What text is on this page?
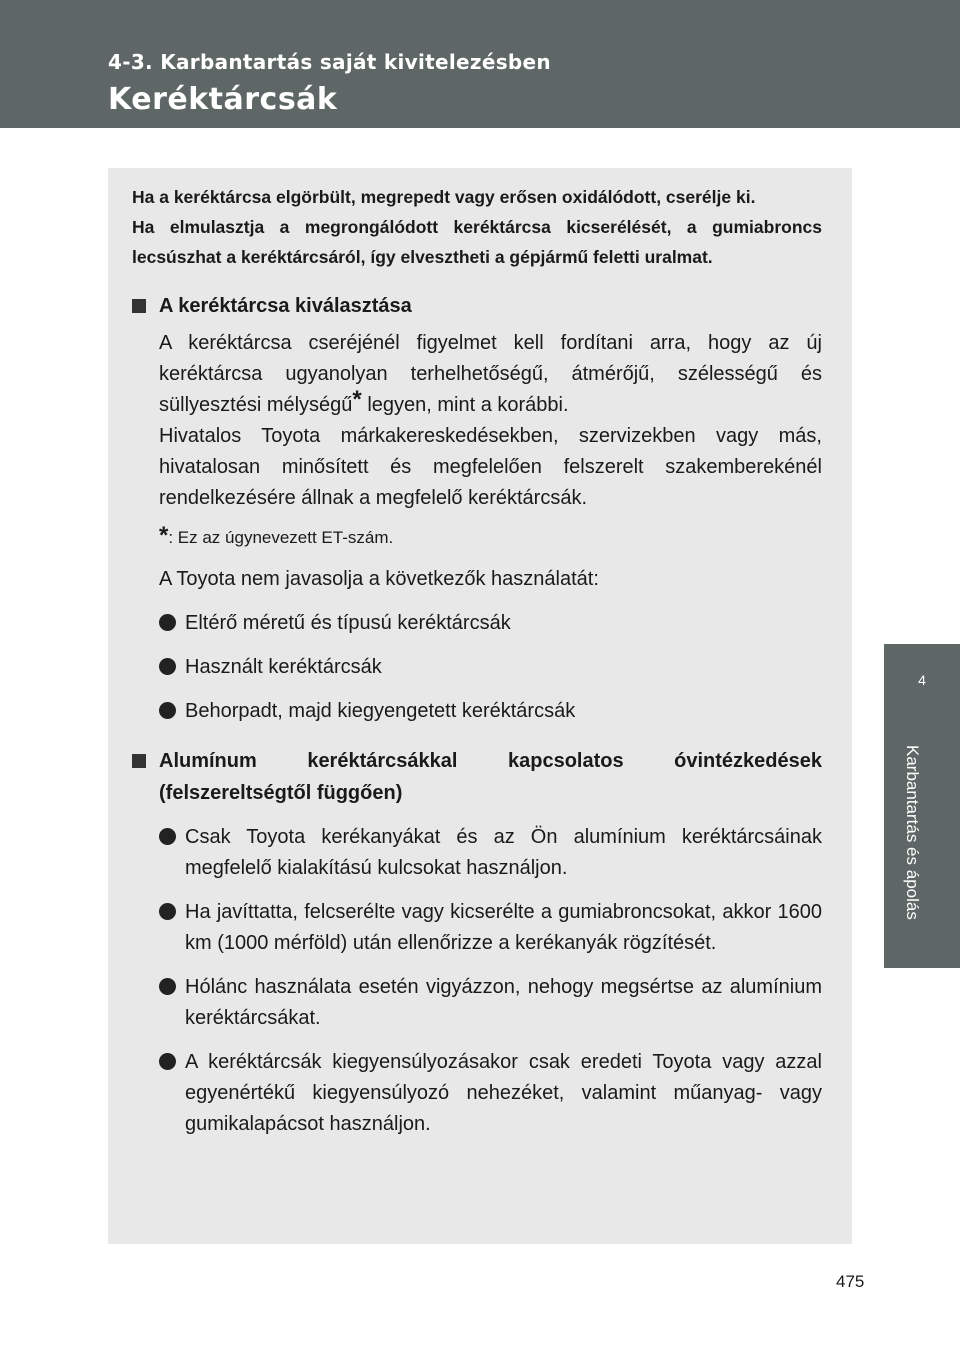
4-3. Karbantartás saját kivitelezésben
Keréktárcsák
4
Karbantartás és ápolás

Ha a keréktárcsa elgörbült, megrepedt vagy erősen oxidálódott, cserélje ki.

Ha elmulasztja a megrongálódott keréktárcsa kicserélését, a gumiabroncs lecsúszhat a keréktárcsáról, így elvesztheti a gépjármű feletti uralmat.

A keréktárcsa kiválasztása

A keréktárcsa cseréjénél figyelmet kell fordítani arra, hogy az új keréktárcsa ugyanolyan terhelhetőségű, átmérőjű, szélességű és süllyesztési mélységű* legyen, mint a korábbi.

Hivatalos Toyota márkakereskedésekben, szervizekben vagy más, hivatalosan minősített és megfelelően felszerelt szakemberekénél rendelkezésére állnak a megfelelő keréktárcsák.

*: Ez az úgynevezett ET-szám.
A Toyota nem javasolja a következők használatát:
Eltérő méretű és típusú keréktárcsák
Használt keréktárcsák
Behorpadt, majd kiegyengetett keréktárcsák
Alumínum keréktárcsákkal kapcsolatos óvintézkedések (felszereltségtől függően)
Csak Toyota kerékanyákat és az Ön alumínium keréktárcsáinak megfelelő kialakítású kulcsokat használjon.
Ha javíttatta, felcserélte vagy kicserélte a gumiabroncsokat, akkor 1600 km (1000 mérföld) után ellenőrizze a kerékanyák rögzítését.
Hólánc használata esetén vigyázzon, nehogy megsértse az alumínium keréktárcsákat.
A keréktárcsák kiegyensúlyozásakor csak eredeti Toyota vagy azzal egyenértékű kiegyensúlyozó nehezéket, valamint műanyag- vagy gumikalapácsot használjon.
475
